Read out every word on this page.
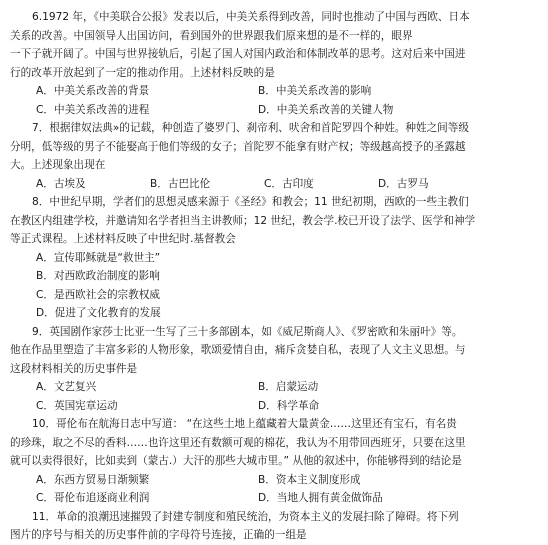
6.1972 年，《中美联合公报》发表以后，中美关系得到改善，同时也推动了中国与西欧、日本
关系的改善。中国领导人出国访问，看到国外的世界跟我们原来想的是不一样的，眼界
一下子就开阔了。中国与世界接轨后，引起了国人对国内政治和体制改革的思考。这对后来中国进
行的改革开放起到了一定的推动作用。上述材料反映的是
A．中美关系改善的背景	B．中美关系改善的影响
C．中美关系改善的进程	D．中美关系改善的关键人物
7．根据律奴法典»的记载，种创造了婆罗门、刹帝利、吠舍和首陀罗四个种姓。种姓之间等级
分明，低等级的男子不能娶高于他们等级的女子；首陀罗不能拿有财产权；等级越高授予的圣露越
大。上述现象出现在
A．古埃及	B．古巴比伦	C．古印度	D．古罗马
8．中世纪早期，学者们的思想灵感来源于《圣经》和教会；11 世纪初期，西欧的一些主教们
在教区内组建学校，并邀请知名学者担当主讲教师；12 世纪，教会学.校已开设了法学、医学和神学
等正式课程。上述材料反映了中世纪时.基督教会
A．宣传耶稣就是“救世主”
B．对西欧政治制度的影响
C．是西欧社会的宗教权威
D．促进了文化教育的发展
9．英国剧作家莎士比亚一生写了三十多部剧本，如《威尼斯商人》、《罗密欧和朱丽叶》等。
他在作品里塑造了丰富多彩的人物形象，歌颂爱情自由，痛斥贪婪自私，表现了人文主义思想。与
这段材料相关的历史事件是
A．文艺复兴	B．启蒙运动
C．英国宪章运动	D．科学革命
10．哥伦布在航海日志中写道： “在这些土地上蕴藏着大量黄金……这里还有宝石，有名贵
的珍珠，取之不尽的香料……也许这里还有数额可观的棉花，我认为不用带回西班牙，只要在这里
就可以卖得很好，比如卖到（蒙古.）大汗的那些大城市里。” 从他的叙述中，你能够得到的结论是
A．东西方贸易日渐频繁	B．资本主义制度形成
C．哥伦布追逐商业利润	D．当地人拥有黄金做饰品
11．革命的浪潮迅速摧毁了封建专制度和殖民统治，为资本主义的发展扫除了障碍。将下列
图片的序号与相关的历史事件前的字母符号连接，正确的一组是
